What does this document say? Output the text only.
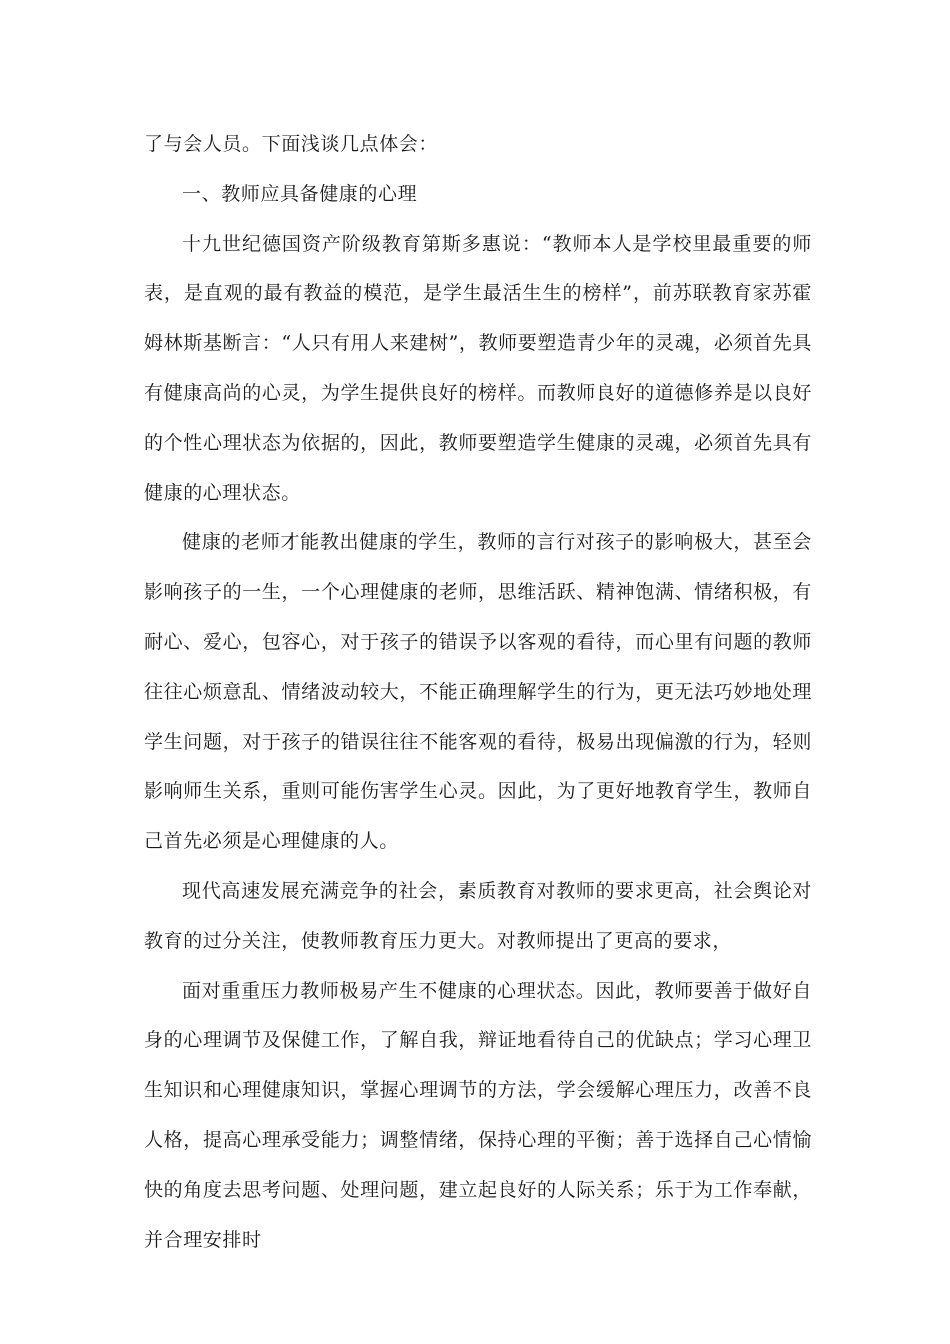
了与会人员。下面浅谈几点体会：

一、教师应具备健康的心理

十九世纪德国资产阶级教育第斯多惠说：“教师本人是学校里最重要的师表，是直观的最有教益的模范，是学生最活生生的榜样”，前苏联教育家苏霍姆林斯基断言：“人只有用人来建树”，教师要塑造青少年的灵魂，必须首先具有健康高尚的心灵，为学生提供良好的榜样。而教师良好的道德修养是以良好的个性心理状态为依据的，因此，教师要塑造学生健康的灵魂，必须首先具有健康的心理状态。

健康的老师才能教出健康的学生，教师的言行对孩子的影响极大，甚至会影响孩子的一生，一个心理健康的老师，思维活跃、精神饱满、情绪积极，有耐心、爱心，包容心，对于孩子的错误予以客观的看待，而心里有问题的教师往往心烦意乱、情绪波动较大，不能正确理解学生的行为，更无法巧妙地处理学生问题，对于孩子的错误往往不能客观的看待，极易出现偏激的行为，轻则影响师生关系，重则可能伤害学生心灵。因此，为了更好地教育学生，教师自己首先必须是心理健康的人。

现代高速发展充满竞争的社会，素质教育对教师的要求更高，社会舆论对教育的过分关注，使教师教育压力更大。对教师提出了更高的要求，

面对重重压力教师极易产生不健康的心理状态。因此，教师要善于做好自身的心理调节及保健工作，了解自我，辩证地看待自己的优缺点；学习心理卫生知识和心理健康知识，掌握心理调节的方法，学会缓解心理压力，改善不良人格，提高心理承受能力；调整情绪，保持心理的平衡；善于选择自己心情愉快的角度去思考问题、处理问题，建立起良好的人际关系；乐于为工作奉献，并合理安排时
